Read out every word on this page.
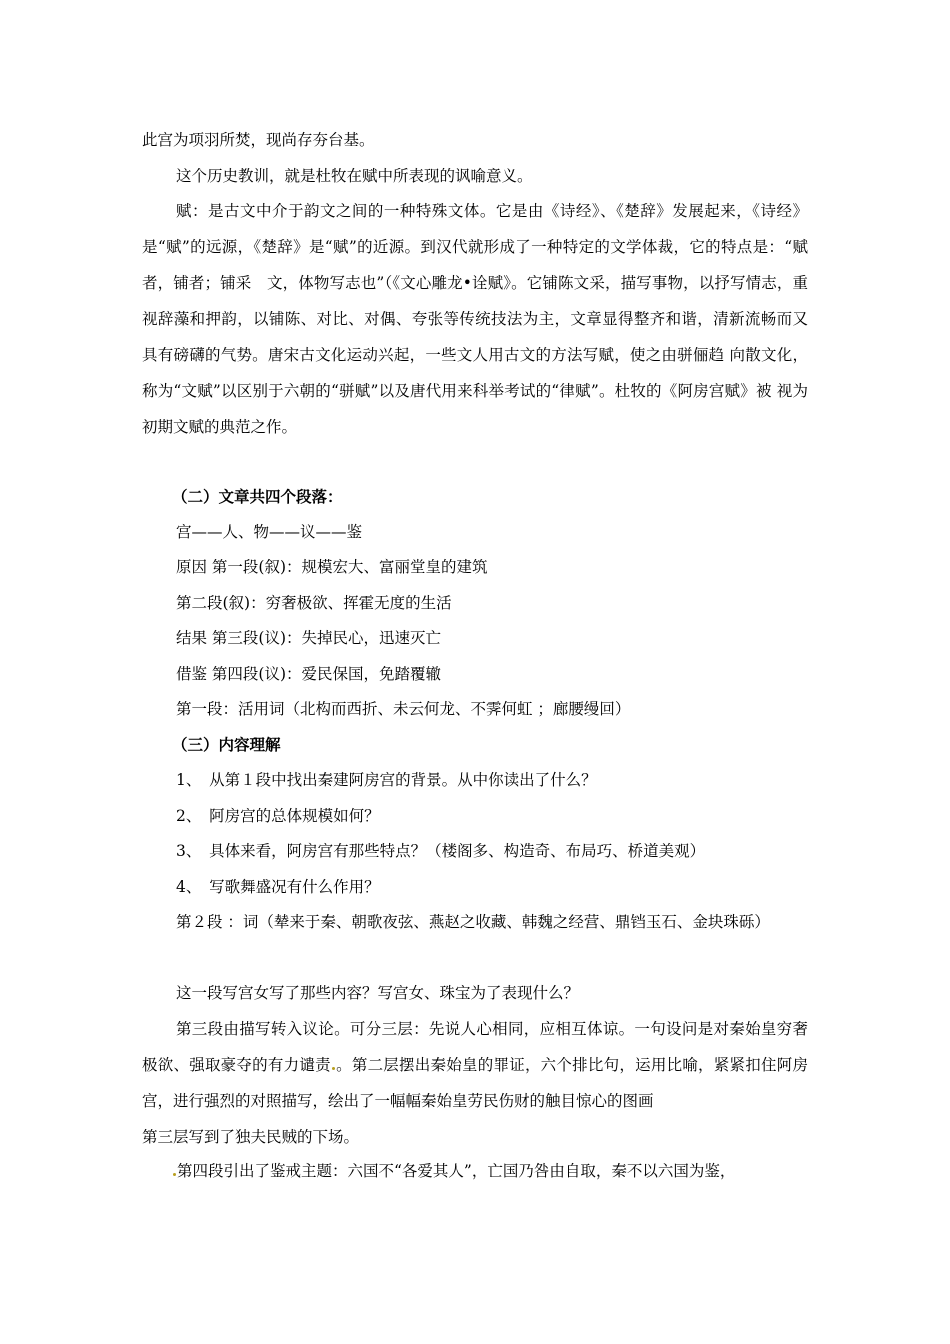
此宫为项羽所焚，现尚存夯台基。

这个历史教训，就是杜牧在赋中所表现的讽喻意义。

赋：是古文中介于韵文之间的一种特殊文体。它是由《诗经》、《楚辞》发展起来，《诗经》是“赋”的远源，《楚辞》是“赋”的近源。到汉代就形成了一种特定的文学体裁，它的特点是：“赋者，铺者；铺采　文，体物写志也”（《文心雕龙•诠赋》。它铺陈文采，描写事物，以抒写情志，重视辞藻和押韵，以铺陈、对比、对偶、夸张等传统技法为主，文章显得整齐和谐，清新流畅而又具有磅礴的气势。唐宋古文化运动兴起，一些文人用古文的方法写赋，使之由骈俪趋 向散文化，称为“文赋”以区别于六朝的“骈赋”以及唐代用来科举考试的“律赋”。杜牧的《阿房宫赋》被 视为初期文赋的典范之作。

（二）文章共四个段落：

宫——人、物——议——鉴

原因 第一段(叙)：规模宏大、富丽堂皇的建筑

第二段(叙)：穷奢极欲、挥霍无度的生活

结果 第三段(议)：失掉民心，迅速灭亡

借鉴 第四段(议)：爱民保国，免踏覆辙

第一段：活用词（北构而西折、未云何龙、不霁何虹 ；廊腰缦回）

（三）内容理解

1、　从第１段中找出秦建阿房宫的背景。从中你读出了什么？

2、　阿房宫的总体规模如何？

3、　具体来看，阿房宫有那些特点？（楼阁多、构造奇、布局巧、桥道美观）

4、　写歌舞盛况有什么作用？

第２段 ：词（辇来于秦、朝歌夜弦、燕赵之收藏、韩魏之经营、鼎铛玉石、金块珠砾）

这一段写宫女写了那些内容？写宫女、珠宝为了表现什么？

第三段由描写转入议论。可分三层：先说人心相同，应相互体谅。一句设问是对秦始皇穷奢极欲、强取豪夺的有力谴责 。第二层摆出秦始皇的罪证，六个排比句，运用比喻，紧紧扣住阿房宫，进行强烈的对照描写，绘出了一幅幅秦始皇劳民伤财的触目惊心的图画
第三层写到了独夫民贼的下场。

第四段引出了鉴戒主题：六国不“各爱其人”，亡国乃咎由自取，秦不以六国为鉴，
